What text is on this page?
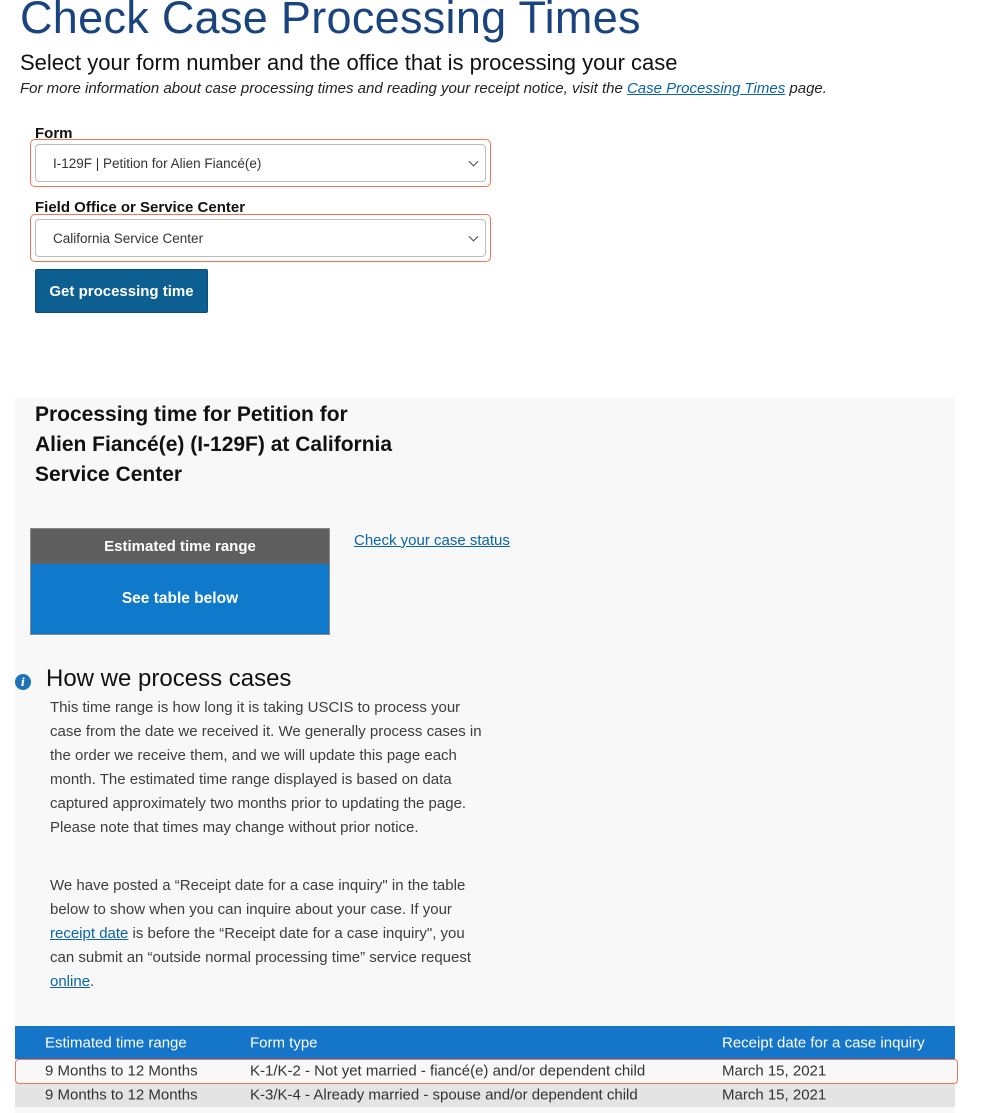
Check Case Processing Times
Select your form number and the office that is processing your case
For more information about case processing times and reading your receipt notice, visit the Case Processing Times page.
Form
I-129F | Petition for Alien Fiancé(e)
Field Office or Service Center
California Service Center
Get processing time
Processing time for Petition for Alien Fiancé(e) (I-129F) at California Service Center
Estimated time range
See table below
Check your case status
i How we process cases
This time range is how long it is taking USCIS to process your case from the date we received it. We generally process cases in the order we receive them, and we will update this page each month. The estimated time range displayed is based on data captured approximately two months prior to updating the page. Please note that times may change without prior notice.
We have posted a “Receipt date for a case inquiry" in the table below to show when you can inquire about your case. If your receipt date is before the “Receipt date for a case inquiry", you can submit an “outside normal processing time” service request online.
Estimated time range	Form type	Receipt date for a case inquiry
9 Months to 12 Months	K-1/K-2 - Not yet married - fiancé(e) and/or dependent child	March 15, 2021
9 Months to 12 Months	K-3/K-4 - Already married - spouse and/or dependent child	March 15, 2021
